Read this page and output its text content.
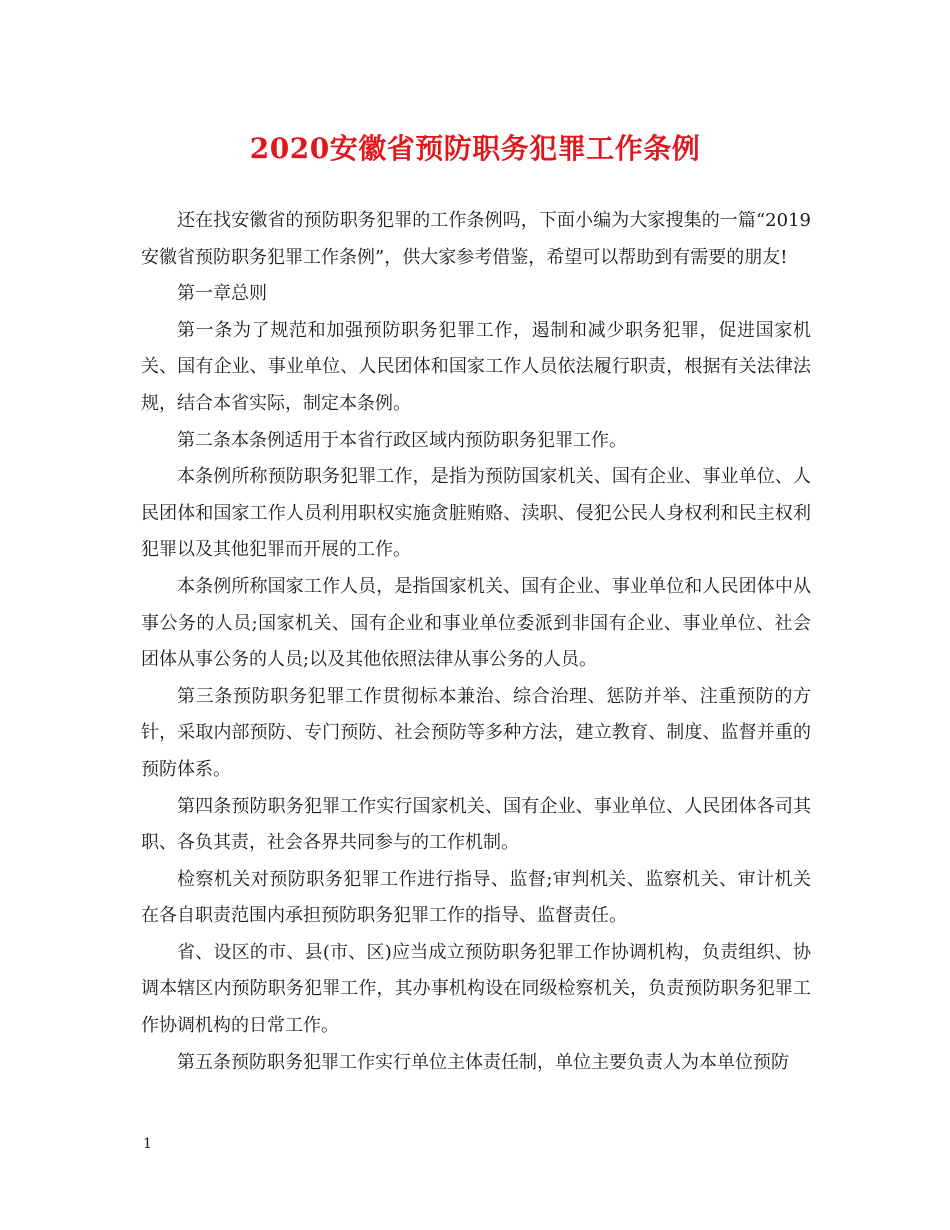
2020安徽省预防职务犯罪工作条例

还在找安徽省的预防职务犯罪的工作条例吗，下面小编为大家搜集的一篇“2019安徽省预防职务犯罪工作条例”，供大家参考借鉴，希望可以帮助到有需要的朋友!

第一章总则

第一条为了规范和加强预防职务犯罪工作，遏制和减少职务犯罪，促进国家机关、国有企业、事业单位、人民团体和国家工作人员依法履行职责，根据有关法律法规，结合本省实际，制定本条例。

第二条本条例适用于本省行政区域内预防职务犯罪工作。

本条例所称预防职务犯罪工作，是指为预防国家机关、国有企业、事业单位、人民团体和国家工作人员利用职权实施贪脏贿赂、渎职、侵犯公民人身权利和民主权利犯罪以及其他犯罪而开展的工作。

本条例所称国家工作人员，是指国家机关、国有企业、事业单位和人民团体中从事公务的人员;国家机关、国有企业和事业单位委派到非国有企业、事业单位、社会团体从事公务的人员;以及其他依照法律从事公务的人员。

第三条预防职务犯罪工作贯彻标本兼治、综合治理、惩防并举、注重预防的方针，采取内部预防、专门预防、社会预防等多种方法，建立教育、制度、监督并重的预防体系。

第四条预防职务犯罪工作实行国家机关、国有企业、事业单位、人民团体各司其职、各负其责，社会各界共同参与的工作机制。

检察机关对预防职务犯罪工作进行指导、监督;审判机关、监察机关、审计机关在各自职责范围内承担预防职务犯罪工作的指导、监督责任。

省、设区的市、县(市、区)应当成立预防职务犯罪工作协调机构，负责组织、协调本辖区内预防职务犯罪工作，其办事机构设在同级检察机关，负责预防职务犯罪工作协调机构的日常工作。

第五条预防职务犯罪工作实行单位主体责任制，单位主要负责人为本单位预防

1
